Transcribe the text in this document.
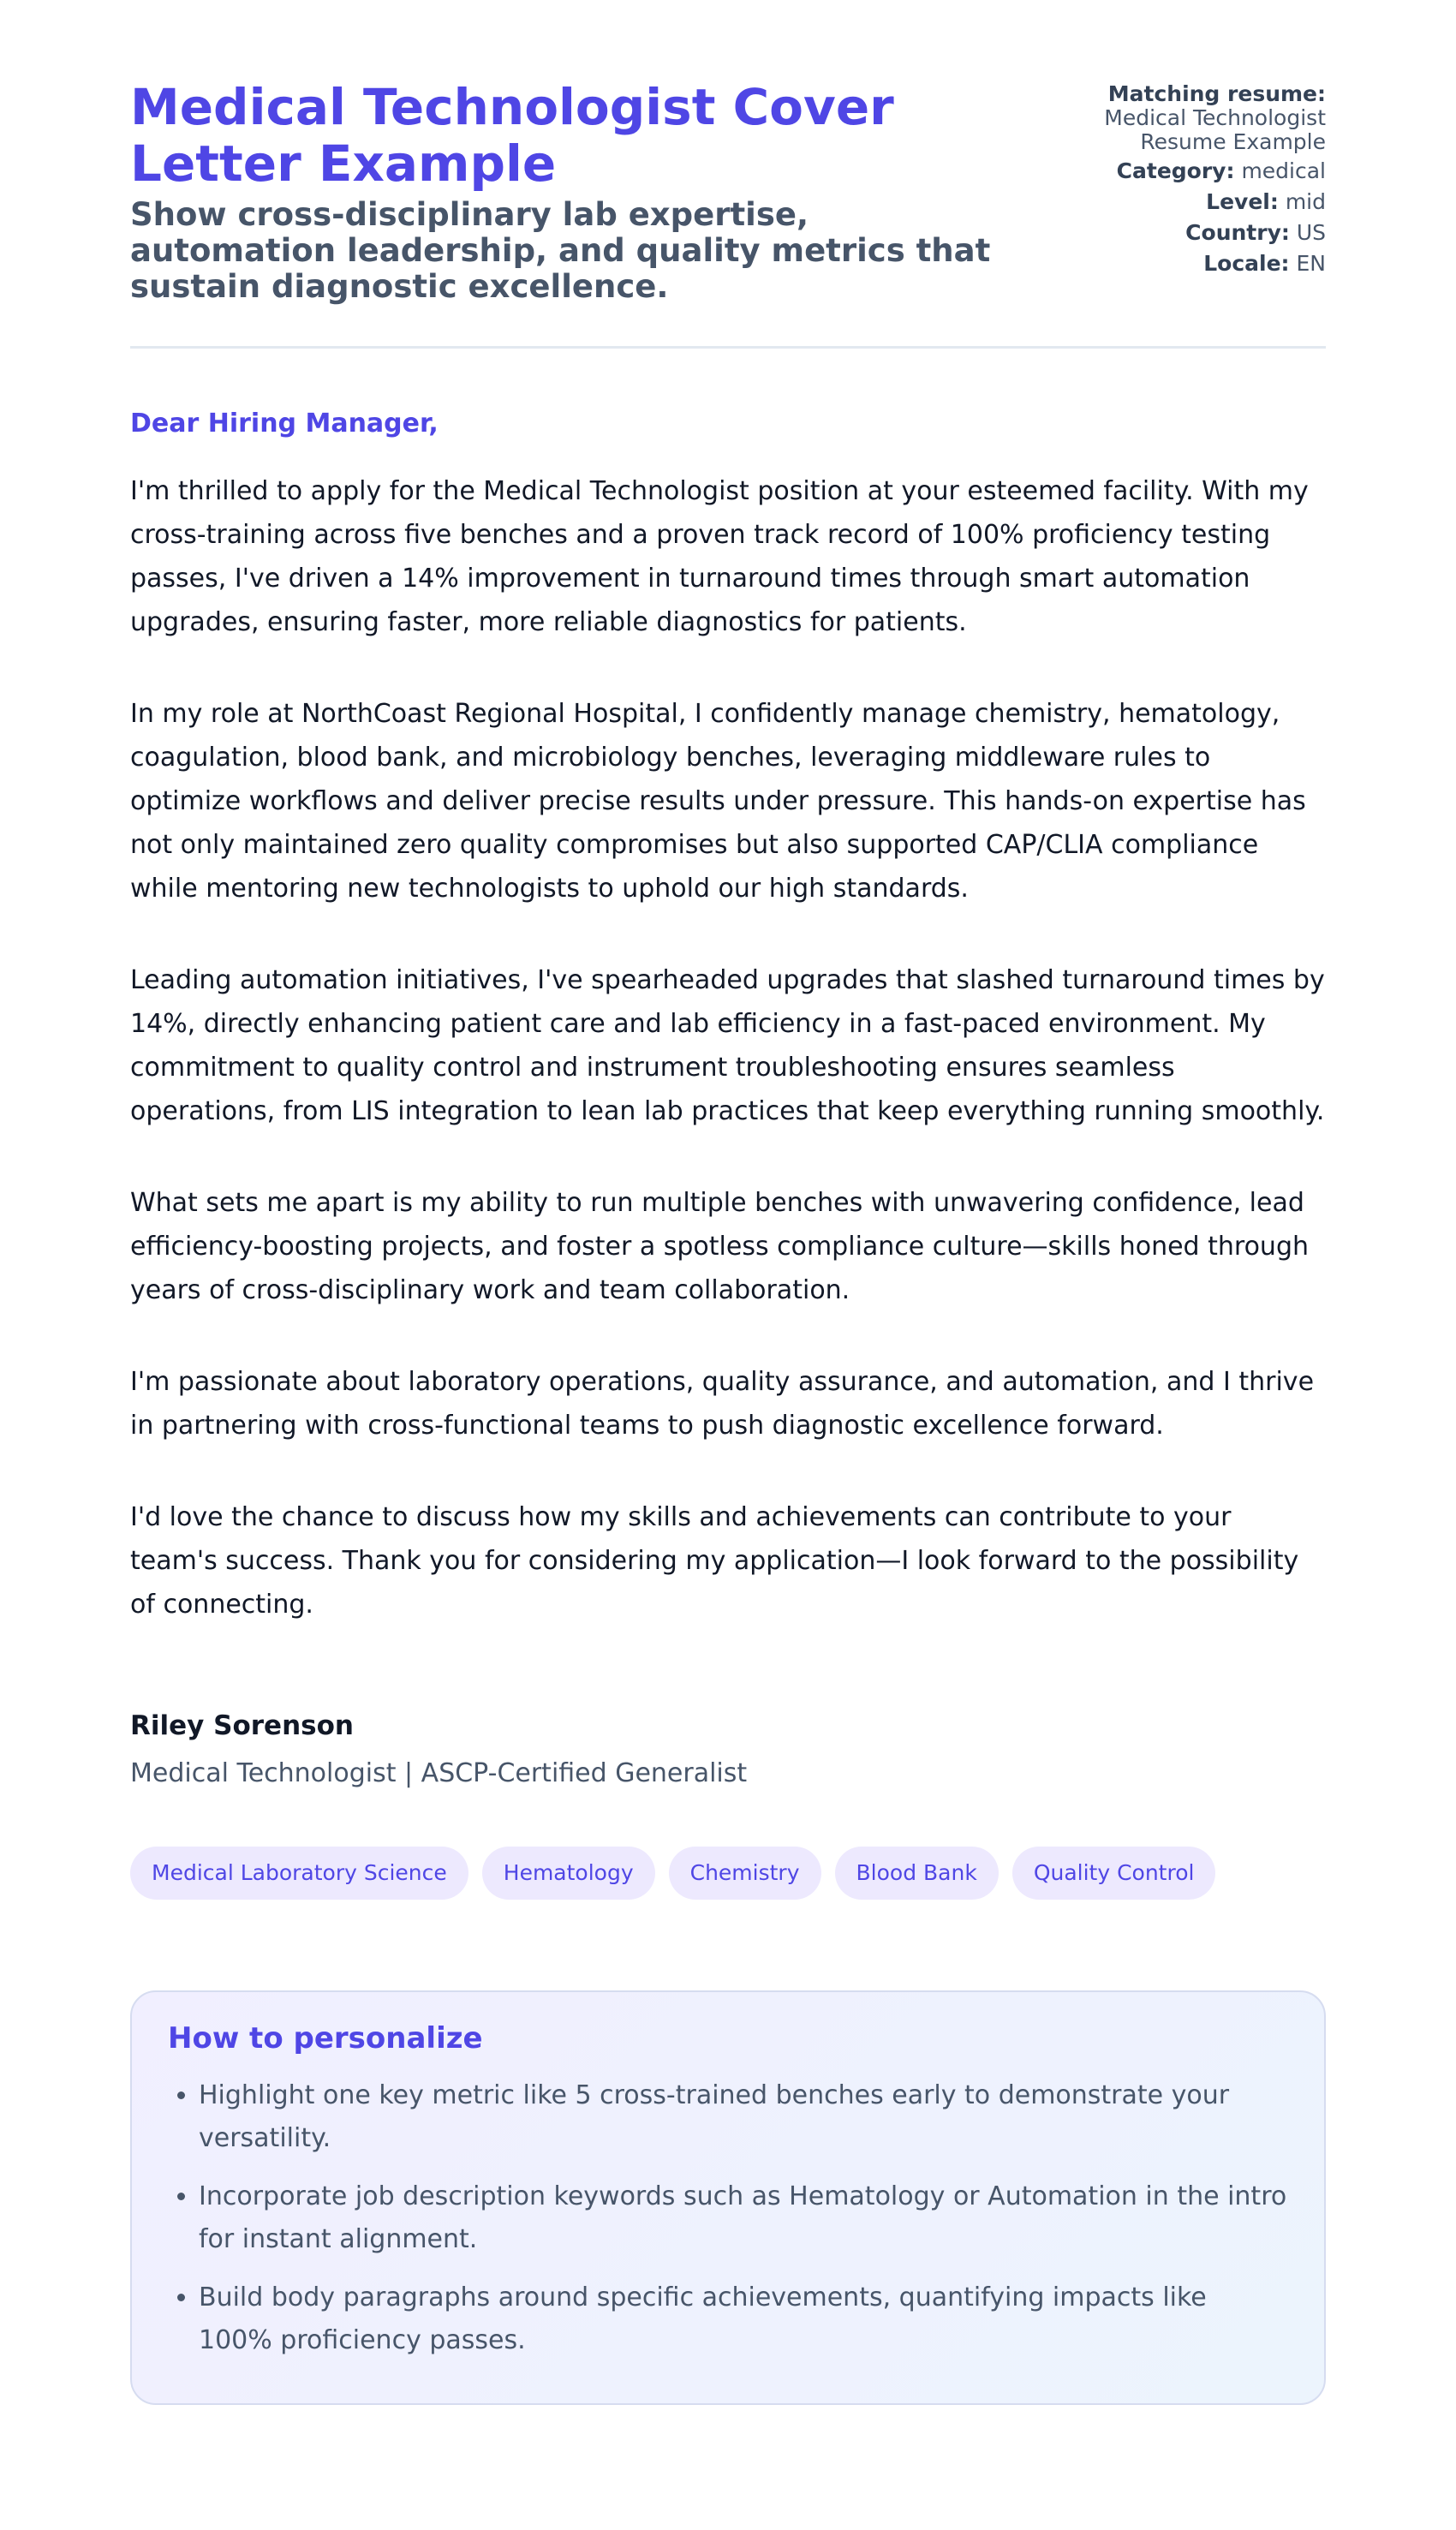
Medical Technologist Cover Letter Example
Show cross-disciplinary lab expertise, automation leadership, and quality metrics that sustain diagnostic excellence.
Matching resume:
Medical Technologist Resume Example
Category: medical
Level: mid
Country: US
Locale: EN
Dear Hiring Manager,

I'm thrilled to apply for the Medical Technologist position at your esteemed facility. With my cross-training across five benches and a proven track record of 100% proficiency testing passes, I've driven a 14% improvement in turnaround times through smart automation upgrades, ensuring faster, more reliable diagnostics for patients.

In my role at NorthCoast Regional Hospital, I confidently manage chemistry, hematology, coagulation, blood bank, and microbiology benches, leveraging middleware rules to optimize workflows and deliver precise results under pressure. This hands-on expertise has not only maintained zero quality compromises but also supported CAP/CLIA compliance while mentoring new technologists to uphold our high standards.

Leading automation initiatives, I've spearheaded upgrades that slashed turnaround times by 14%, directly enhancing patient care and lab efficiency in a fast-paced environment. My commitment to quality control and instrument troubleshooting ensures seamless operations, from LIS integration to lean lab practices that keep everything running smoothly.

What sets me apart is my ability to run multiple benches with unwavering confidence, lead efficiency-boosting projects, and foster a spotless compliance culture—skills honed through years of cross-disciplinary work and team collaboration.

I'm passionate about laboratory operations, quality assurance, and automation, and I thrive in partnering with cross-functional teams to push diagnostic excellence forward.

I'd love the chance to discuss how my skills and achievements can contribute to your team's success. Thank you for considering my application—I look forward to the possibility of connecting.

Riley Sorenson
Medical Technologist | ASCP-Certified Generalist
Medical Laboratory Science	Hematology	Chemistry	Blood Bank	Quality Control
How to personalize
• Highlight one key metric like 5 cross-trained benches early to demonstrate your versatility.
• Incorporate job description keywords such as Hematology or Automation in the intro for instant alignment.
• Build body paragraphs around specific achievements, quantifying impacts like 100% proficiency passes.
